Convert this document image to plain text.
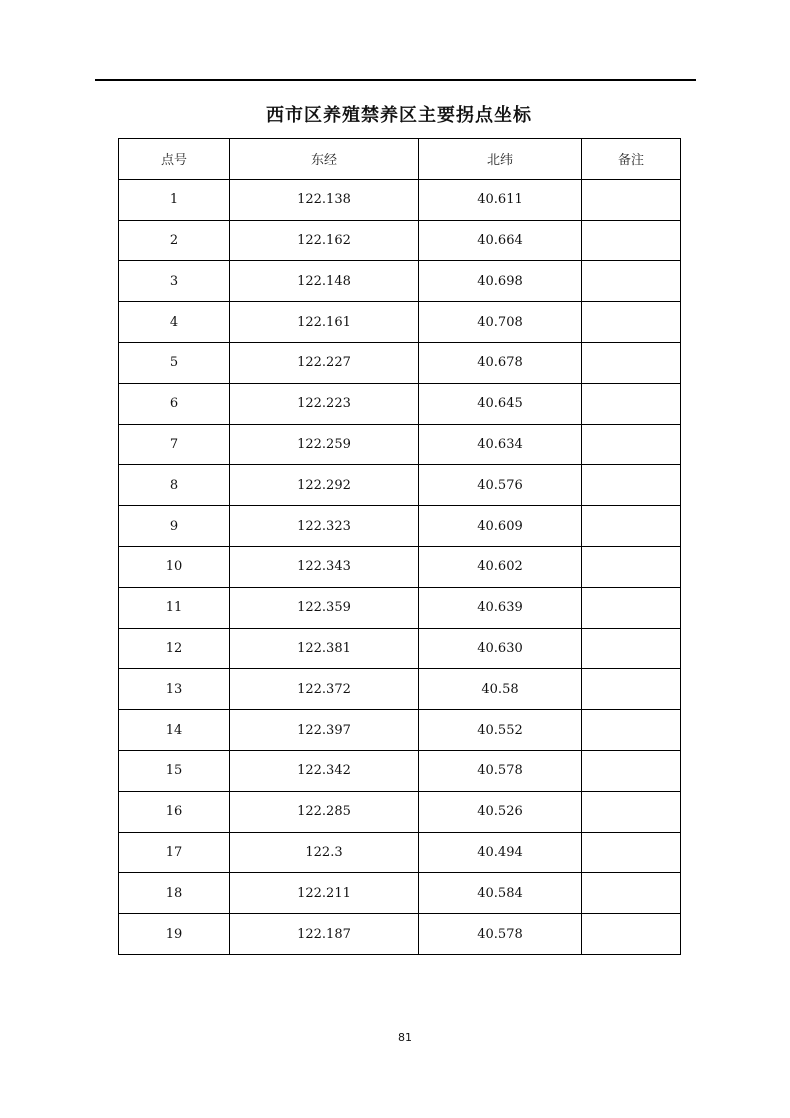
西市区养殖禁养区主要拐点坐标
点号	东经	北纬	备注
1	122.138	40.611	
2	122.162	40.664	
3	122.148	40.698	
4	122.161	40.708	
5	122.227	40.678	
6	122.223	40.645	
7	122.259	40.634	
8	122.292	40.576	
9	122.323	40.609	
10	122.343	40.602	
11	122.359	40.639	
12	122.381	40.630	
13	122.372	40.58	
14	122.397	40.552	
15	122.342	40.578	
16	122.285	40.526	
17	122.3	40.494	
18	122.211	40.584	
19	122.187	40.578	
81
